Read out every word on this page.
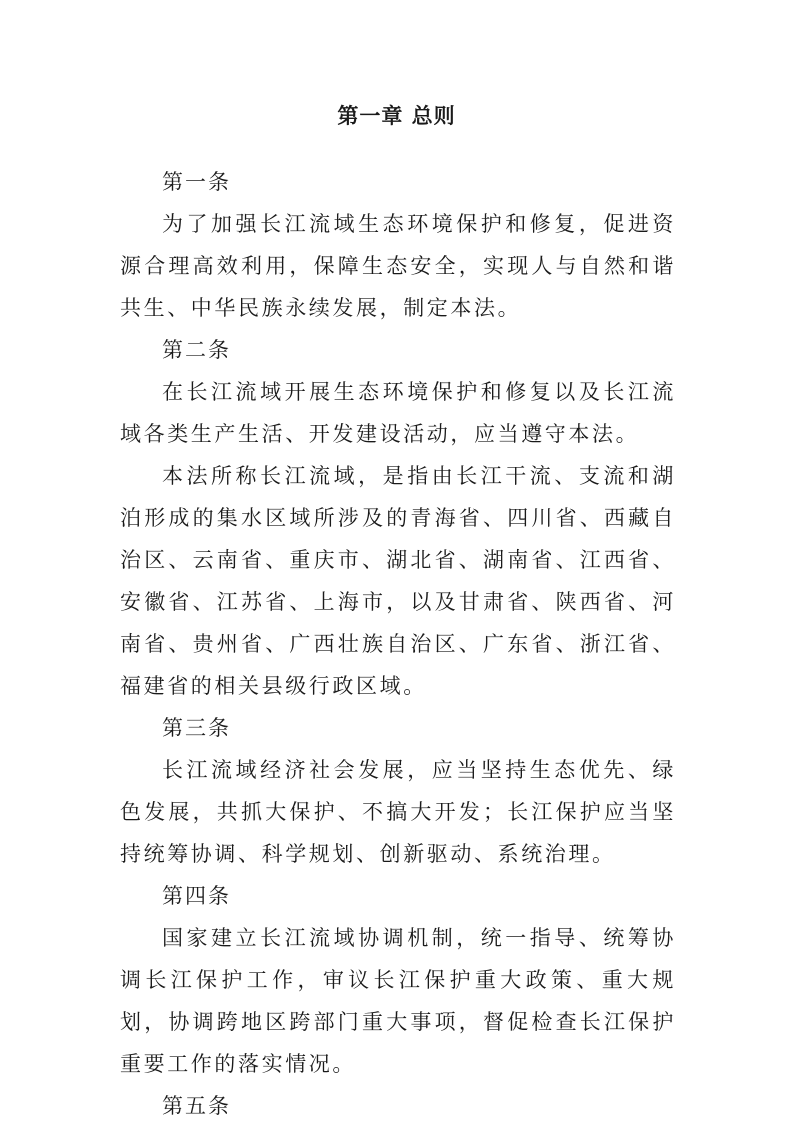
第一章 总则

第一条

为了加强长江流域生态环境保护和修复，促进资源合理高效利用，保障生态安全，实现人与自然和谐共生、中华民族永续发展，制定本法。

第二条

在长江流域开展生态环境保护和修复以及长江流域各类生产生活、开发建设活动，应当遵守本法。

本法所称长江流域，是指由长江干流、支流和湖泊形成的集水区域所涉及的青海省、四川省、西藏自治区、云南省、重庆市、湖北省、湖南省、江西省、安徽省、江苏省、上海市，以及甘肃省、陕西省、河南省、贵州省、广西壮族自治区、广东省、浙江省、福建省的相关县级行政区域。

第三条

长江流域经济社会发展，应当坚持生态优先、绿色发展，共抓大保护、不搞大开发；长江保护应当坚持统筹协调、科学规划、创新驱动、系统治理。

第四条

国家建立长江流域协调机制，统一指导、统筹协调长江保护工作，审议长江保护重大政策、重大规划，协调跨地区跨部门重大事项，督促检查长江保护重要工作的落实情况。

第五条
